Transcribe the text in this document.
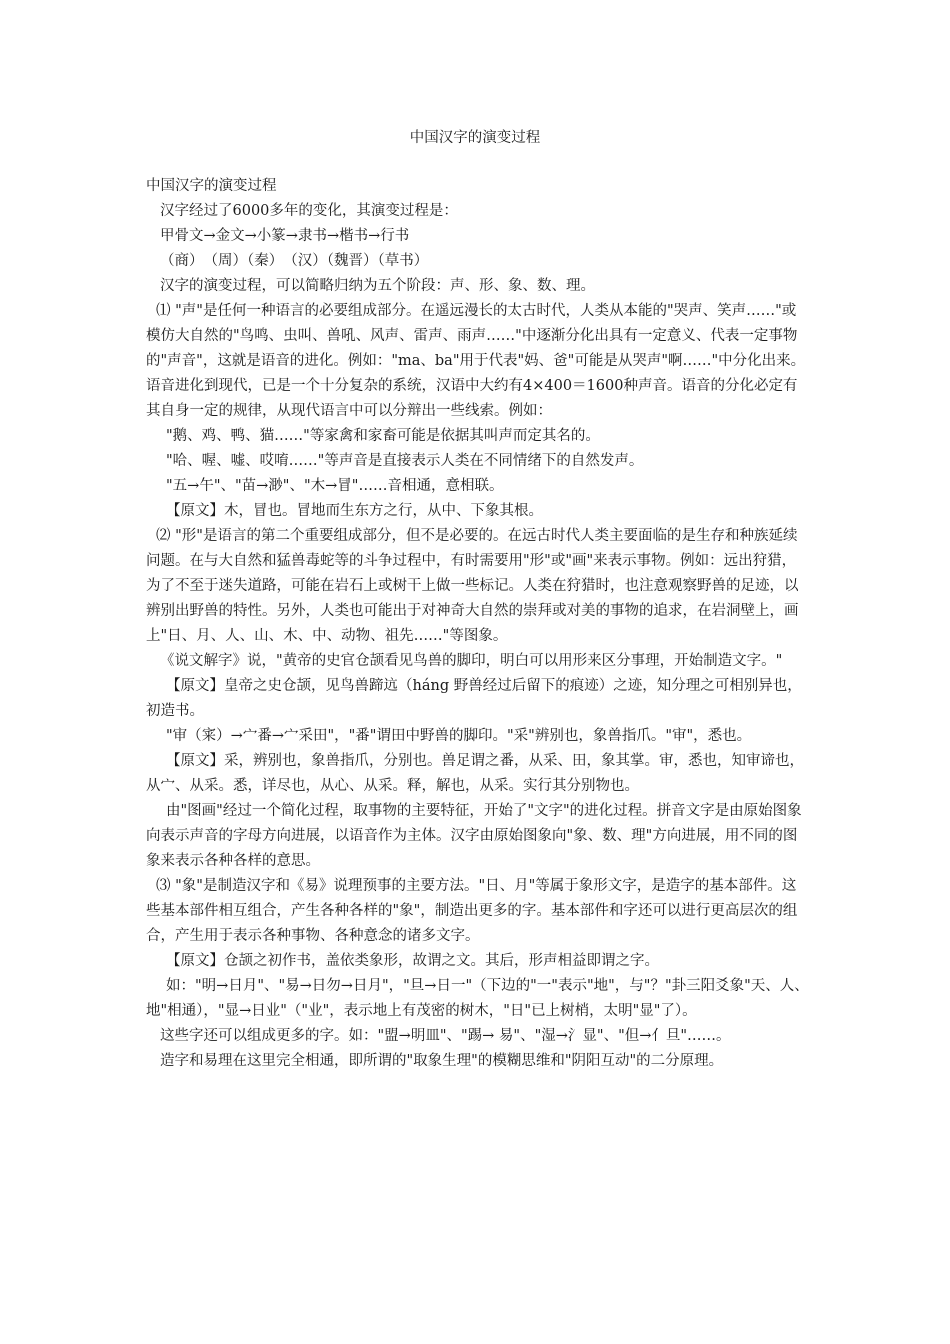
中国汉字的演变过程

中国汉字的演变过程

汉字经过了6000多年的变化，其演变过程是：

甲骨文→金文→小篆→隶书→楷书→行书

（商）　（周）（秦）　（汉）（魏晋）（草书）

汉字的演变过程，可以简略归纳为五个阶段：声、形、象、数、理。

⑴ "声"是任何一种语言的必要组成部分。在遥远漫长的太古时代，人类从本能的"哭声、笑声……"或模仿大自然的"鸟鸣、虫叫、兽吼、风声、雷声、雨声……"中逐渐分化出具有一定意义、代表一定事物的"声音"，这就是语音的进化。例如："ma、ba"用于代表"妈、爸"可能是从哭声"啊……"中分化出来。语音进化到现代，已是一个十分复杂的系统，汉语中大约有4×400＝1600种声音。语音的分化必定有其自身一定的规律，从现代语言中可以分辩出一些线索。例如：

"鹅、鸡、鸭、猫……"等家禽和家畜可能是依据其叫声而定其名的。

"哈、喔、嘘、哎唷……"等声音是直接表示人类在不同情绪下的自然发声。

"五→午"、"苗→渺"、"木→冒"……音相通，意相联。

【原文】木，冒也。冒地而生东方之行，从中、下象其根。

⑵ "形"是语言的第二个重要组成部分，但不是必要的。在远古时代人类主要面临的是生存和种族延续问题。在与大自然和猛兽毒蛇等的斗争过程中，有时需要用"形"或"画"来表示事物。例如：远出狩猎，为了不至于迷失道路，可能在岩石上或树干上做一些标记。人类在狩猎时，也注意观察野兽的足迹，以辨别出野兽的特性。另外，人类也可能出于对神奇大自然的崇拜或对美的事物的追求，在岩洞壁上，画上"日、月、人、山、木、中、动物、祖先……"等图象。

《说文解字》说，"黄帝的史官仓颉看见鸟兽的脚印，明白可以用形来区分事理，开始制造文字。"

【原文】皇帝之史仓颉，见鸟兽蹄迒（háng 野兽经过后留下的痕迹）之迹，知分理之可相别异也，初造书。

"审（宷）→宀番→宀采田"，"番"谓田中野兽的脚印。"采"辨别也，象兽指爪。"审"，悉也。

【原文】采，辨别也，象兽指爪，分别也。兽足谓之番，从采、田，象其掌。审，悉也，知审谛也，从宀、从采。悉，详尽也，从心、从采。释，解也，从采。实行其分别物也。

由"图画"经过一个简化过程，取事物的主要特征，开始了"文字"的进化过程。拼音文字是由原始图象向表示声音的字母方向进展，以语音作为主体。汉字由原始图象向"象、数、理"方向进展，用不同的图象来表示各种各样的意思。

⑶ "象"是制造汉字和《易》说理预事的主要方法。"日、月"等属于象形文字，是造字的基本部件。这些基本部件相互组合，产生各种各样的"象"，制造出更多的字。基本部件和字还可以进行更高层次的组合，产生用于表示各种事物、各种意念的诸多文字。

【原文】仓颉之初作书，盖依类象形，故谓之文。其后，形声相益即谓之字。

如："明→日月"、"易→日勿→日月"，"旦→日一"（下边的"一"表示"地"，与"？"卦三阳爻象"天、人、地"相通），"显→日业"（"业"，表示地上有茂密的树木，"日"已上树梢，太明"显"了）。

这些字还可以组成更多的字。如："盟→明皿"、"踢→ 易"、"湿→氵显"、"但→亻旦"……。

造字和易理在这里完全相通，即所谓的"取象生理"的模糊思维和"阴阳互动"的二分原理。
